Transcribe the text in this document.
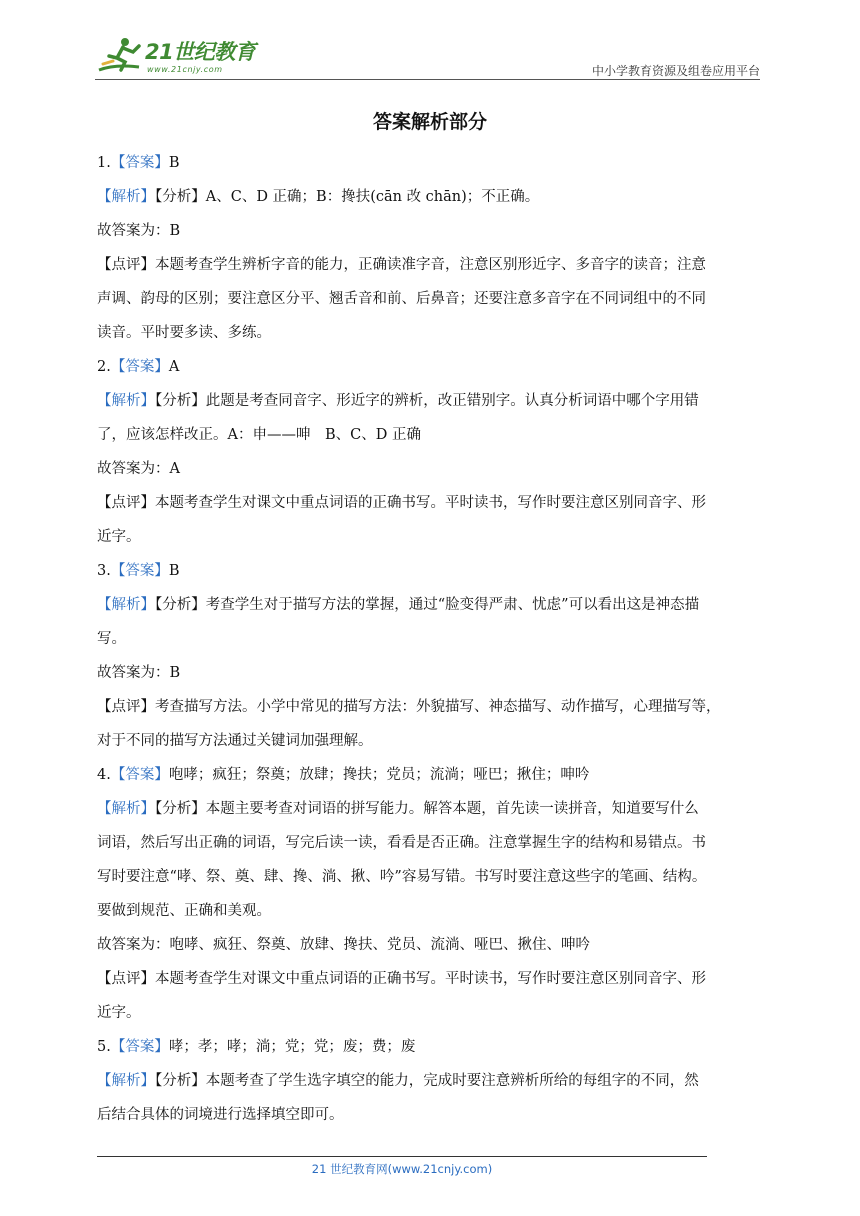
21世纪教育
www.21cnjy.com	中小学教育资源及组卷应用平台
答案解析部分
1.【答案】B
【解析】【分析】A、C、D 正确；B：搀扶(cān 改 chān)；不正确。
故答案为：B
【点评】本题考查学生辨析字音的能力，正确读准字音，注意区别形近字、多音字的读音；注意
声调、韵母的区别；要注意区分平、翘舌音和前、后鼻音；还要注意多音字在不同词组中的不同
读音。平时要多读、多练。
2.【答案】A
【解析】【分析】此题是考查同音字、形近字的辨析，改正错别字。认真分析词语中哪个字用错
了，应该怎样改正。A：申——呻　B、C、D 正确
故答案为：A
【点评】本题考查学生对课文中重点词语的正确书写。平时读书，写作时要注意区别同音字、形
近字。
3.【答案】B
【解析】【分析】考查学生对于描写方法的掌握，通过“脸变得严肃、忧虑”可以看出这是神态描
写。
故答案为：B
【点评】考查描写方法。小学中常见的描写方法：外貌描写、神态描写、动作描写，心理描写等，
对于不同的描写方法通过关键词加强理解。
4.【答案】咆哮；疯狂；祭奠；放肆；搀扶；党员；流淌；哑巴；揪住；呻吟
【解析】【分析】本题主要考查对词语的拼写能力。解答本题，首先读一读拼音，知道要写什么
词语，然后写出正确的词语，写完后读一读，看看是否正确。注意掌握生字的结构和易错点。书
写时要注意“哮、祭、奠、肆、搀、淌、揪、吟”容易写错。书写时要注意这些字的笔画、结构。
要做到规范、正确和美观。
故答案为：咆哮、疯狂、祭奠、放肆、搀扶、党员、流淌、哑巴、揪住、呻吟
【点评】本题考查学生对课文中重点词语的正确书写。平时读书，写作时要注意区别同音字、形
近字。
5.【答案】哮；孝；哮；淌；党；党；废；费；废
【解析】【分析】本题考查了学生选字填空的能力，完成时要注意辨析所给的每组字的不同，然
后结合具体的词境进行选择填空即可。
21 世纪教育网(www.21cnjy.com)
